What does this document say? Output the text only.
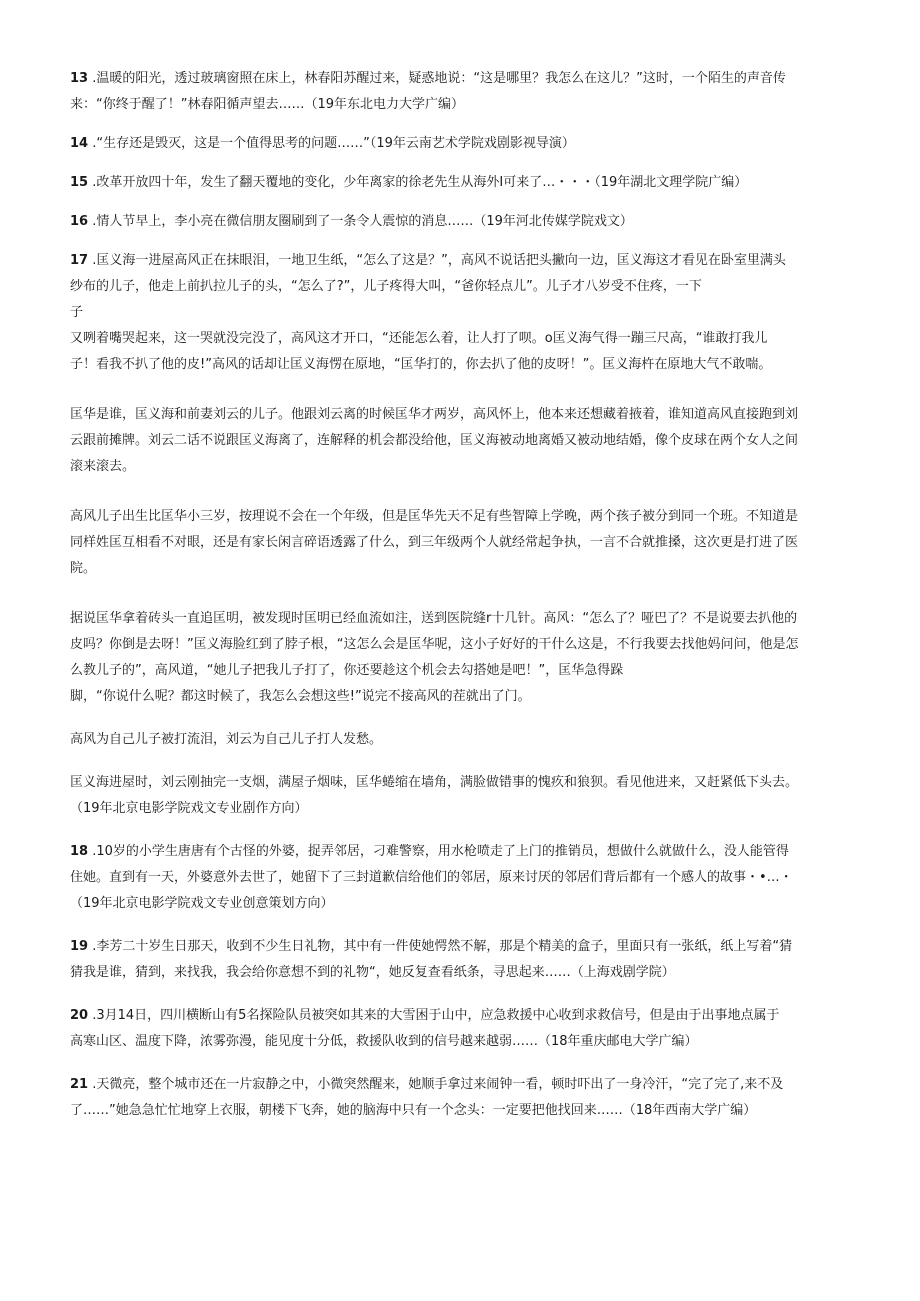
13 .温暖的阳光，透过玻璃窗照在床上，林春阳苏醒过来，疑惑地说：“这是哪里？我怎么在这儿？”这时，一个陌生的声音传
来：“你终于醒了！”林春阳循声望去……（19年东北电力大学广编）
14 .“生存还是毁灭，这是一个值得思考的问题……”（19年云南艺术学院戏剧影视导演）
15 .改革开放四十年，发生了翻天覆地的变化，少年离家的徐老先生从海外Ⅰ可来了…・・・（19年湖北文理学院广编）
16 .情人节早上，李小亮在微信朋友圈刷到了一条令人震惊的消息……（19年河北传媒学院戏文）
17 .匡义海一进屋高风正在抹眼泪，一地卫生纸，“怎么了这是？”，高风不说话把头撇向一边，匡义海这才看见在卧室里满头
纱布的儿子，他走上前扒拉儿子的头，“怎么了?”，儿子疼得大叫，“爸你轻点儿”。儿子才八岁受不住疼，一下
子
又咧着嘴哭起来，这一哭就没完没了，高风这才开口，“还能怎么着，让人打了呗。o匡义海气得一蹦三尺高，“谁敢打我儿
子！看我不扒了他的皮!”高风的话却让匡义海愣在原地，“匡华打的，你去扒了他的皮呀！”。匡义海杵在原地大气不敢喘。
匡华是谁，匡义海和前妻刘云的儿子。他跟刘云离的时候匡华才两岁，高风怀上，他本来还想藏着掖着，谁知道高风直接跑到刘
云跟前摊牌。刘云二话不说跟匡义海离了，连解释的机会都没给他，匡义海被动地离婚又被动地结婚，像个皮球在两个女人之间
滚来滚去。
高风儿子出生比匡华小三岁，按理说不会在一个年级，但是匡华先天不足有些智障上学晚，两个孩子被分到同一个班。不知道是
同样姓匡互相看不对眼，还是有家长闲言碎语透露了什么，到三年级两个人就经常起争执，一言不合就推搡，这次更是打进了医
院。
据说匡华拿着砖头一直追匡明，被发现时匡明已经血流如注，送到医院缝r十几针。高风：“怎么了？哑巴了？不是说要去扒他的
皮吗？你倒是去呀！”匡义海脸红到了脖子根，“这怎么会是匡华呢，这小子好好的干什么这是，不行我要去找他妈问问，他是怎
么教儿子的”，高风道，“她儿子把我儿子打了，你还要趁这个机会去勾搭她是吧！”，匡华急得跺
脚，“你说什么呢？都这时候了，我怎么会想这些!”说完不接高风的茬就出了门。
高风为自己儿子被打流泪，刘云为自己儿子打人发愁。
匡义海进屋时，刘云刚抽完一支烟，满屋子烟味，匡华蜷缩在墙角，满脸做错事的愧疚和狼狈。看见他进来，又赶紧低下头去。
（19年北京电影学院戏文专业剧作方向）
18 .10岁的小学生唐唐有个古怪的外婆，捉弄邻居，刁难警察，用水枪喷走了上门的推销员，想做什么就做什么，没人能管得
住她。直到有一天，外婆意外去世了，她留下了三封道歉信给他们的邻居，原来讨厌的邻居们背后都有一个感人的故事・•…・
（19年北京电影学院戏文专业创意策划方向）
19 .李芳二十岁生日那天，收到不少生日礼物，其中有一件使她愕然不解，那是个精美的盒子，里面只有一张纸，纸上写着“猜
猜我是谁，猜到，来找我，我会给你意想不到的礼物“，她反复查看纸条，寻思起来……（上海戏剧学院）
20 .3月14日，四川横断山有5名探险队员被突如其来的大雪困于山中，应急救援中心收到求救信号，但是由于出事地点属于
高寒山区、温度下降，浓雾弥漫，能见度十分低，救援队收到的信号越来越弱……（18年重庆邮电大学广编）
21 .天微亮，整个城市还在一片寂静之中，小微突然醒来，她顺手拿过来闹钟一看，顿时吓出了一身冷汗，“完了完了,来不及
了……”她急急忙忙地穿上衣服，朝楼下飞奔，她的脑海中只有一个念头：一定要把他找回来……（18年西南大学广编）
